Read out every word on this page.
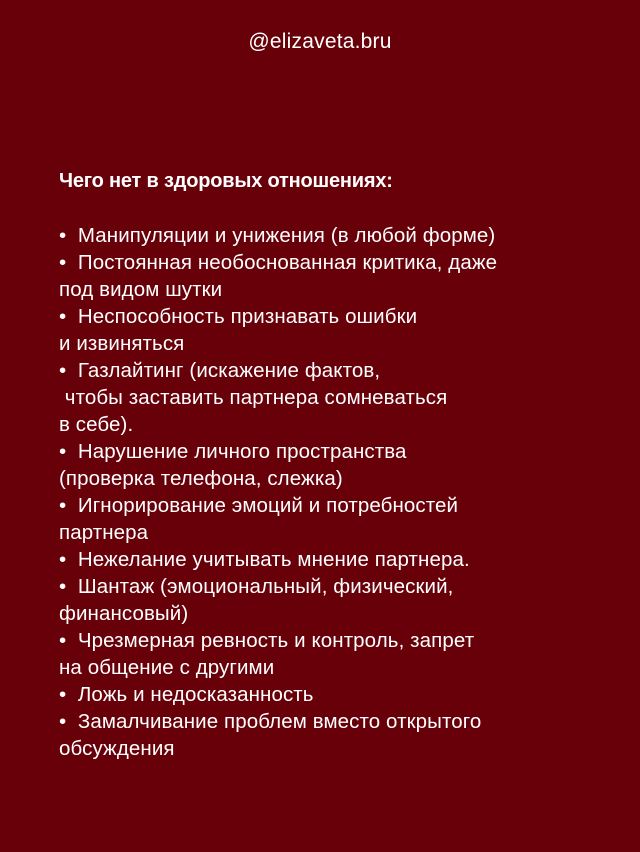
@elizaveta.bru
Чего нет в здоровых отношениях:
•  Манипуляции и унижения (в любой форме)
•  Постоянная необоснованная критика, даже
под видом шутки
•  Неспособность признавать ошибки
и извиняться
•  Газлайтинг (искажение фактов,
чтобы заставить партнера сомневаться
в себе).
•  Нарушение личного пространства
(проверка телефона, слежка)
•  Игнорирование эмоций и потребностей
партнера
•  Нежелание учитывать мнение партнера.
•  Шантаж (эмоциональный, физический,
финансовый)
•  Чрезмерная ревность и контроль, запрет
на общение с другими
•  Ложь и недосказанность
•  Замалчивание проблем вместо открытого
обсуждения
